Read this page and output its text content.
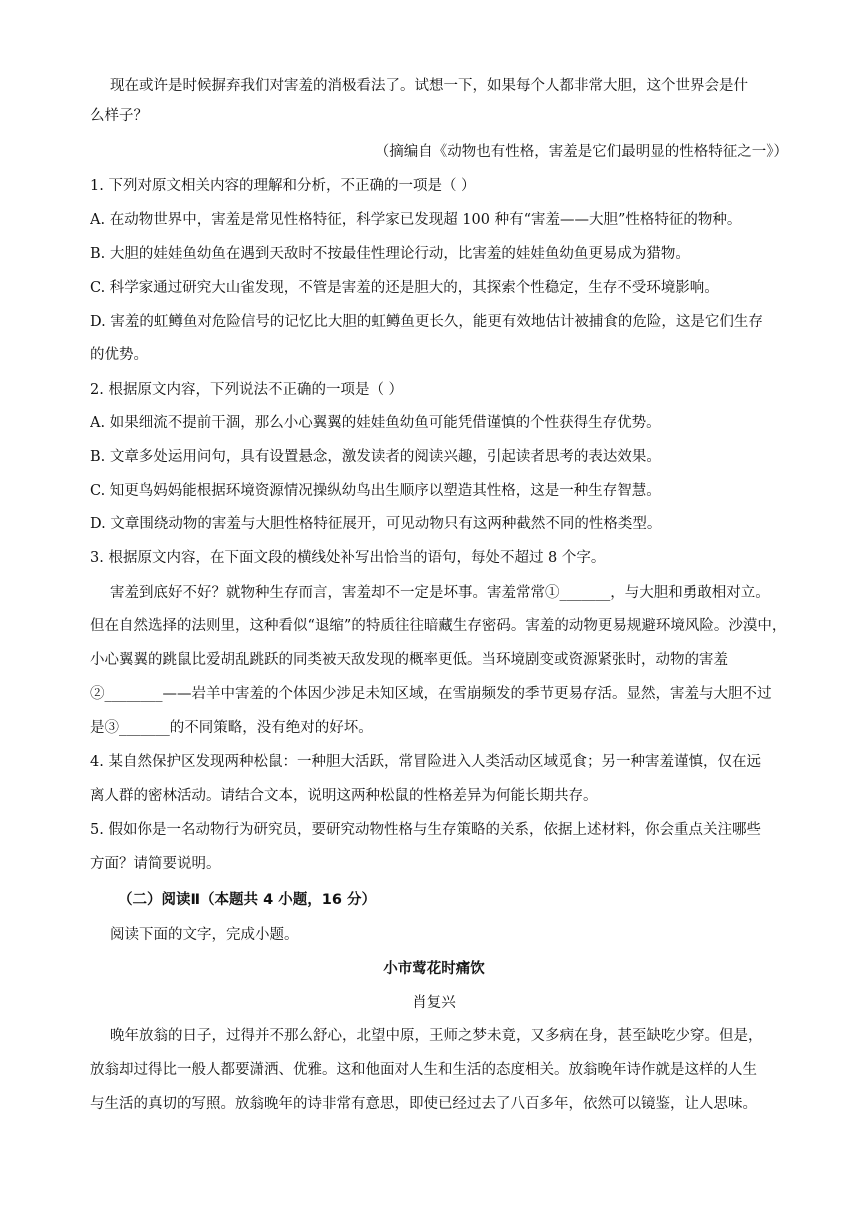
现在或许是时候摒弃我们对害羞的消极看法了。试想一下，如果每个人都非常大胆，这个世界会是什
么样子？
（摘编自《动物也有性格，害羞是它们最明显的性格特征之一》）
1. 下列对原文相关内容的理解和分析，不正确的一项是（ ）
A. 在动物世界中，害羞是常见性格特征，科学家已发现超 100 种有“害羞——大胆”性格特征的物种。
B. 大胆的娃娃鱼幼鱼在遇到天敌时不按最佳性理论行动，比害羞的娃娃鱼幼鱼更易成为猎物。
C. 科学家通过研究大山雀发现，不管是害羞的还是胆大的，其探索个性稳定，生存不受环境影响。
D. 害羞的虹鳟鱼对危险信号的记忆比大胆的虹鳟鱼更长久，能更有效地估计被捕食的危险，这是它们生存
的优势。
2. 根据原文内容，下列说法不正确的一项是（ ）
A. 如果细流不提前干涸，那么小心翼翼的娃娃鱼幼鱼可能凭借谨慎的个性获得生存优势。
B. 文章多处运用问句，具有设置悬念，激发读者的阅读兴趣，引起读者思考的表达效果。
C. 知更鸟妈妈能根据环境资源情况操纵幼鸟出生顺序以塑造其性格，这是一种生存智慧。
D. 文章围绕动物的害羞与大胆性格特征展开，可见动物只有这两种截然不同的性格类型。
3. 根据原文内容，在下面文段的横线处补写出恰当的语句，每处不超过 8 个字。
害羞到底好不好？就物种生存而言，害羞却不一定是坏事。害羞常常①_______，与大胆和勇敢相对立。
但在自然选择的法则里，这种看似“退缩”的特质往往暗藏生存密码。害羞的动物更易规避环境风险。沙漠中，
小心翼翼的跳鼠比爱胡乱跳跃的同类被天敌发现的概率更低。当环境剧变或资源紧张时，动物的害羞
②________——岩羊中害羞的个体因少涉足未知区域，在雪崩频发的季节更易存活。显然，害羞与大胆不过
是③_______的不同策略，没有绝对的好坏。
4. 某自然保护区发现两种松鼠：一种胆大活跃，常冒险进入人类活动区域觅食；另一种害羞谨慎，仅在远
离人群的密林活动。请结合文本，说明这两种松鼠的性格差异为何能长期共存。
5. 假如你是一名动物行为研究员，要研究动物性格与生存策略的关系，依据上述材料，你会重点关注哪些
方面？请简要说明。
（二）阅读Ⅱ（本题共 4 小题，16 分）
阅读下面的文字，完成小题。
小市莺花时痛饮
肖复兴
晚年放翁的日子，过得并不那么舒心，北望中原，王师之梦未竟，又多病在身，甚至缺吃少穿。但是，
放翁却过得比一般人都要潇洒、优雅。这和他面对人生和生活的态度相关。放翁晚年诗作就是这样的人生
与生活的真切的写照。放翁晚年的诗非常有意思，即使已经过去了八百多年，依然可以镜鉴，让人思味。
